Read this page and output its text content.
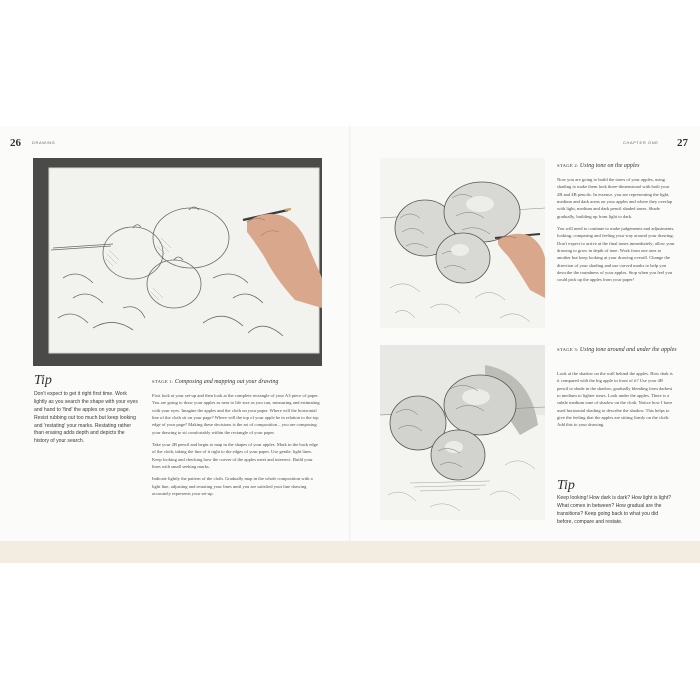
26	DRAWING
Tip

Don't expect to get it right first time. Work lightly as you search the shape with your eyes and hand to 'find' the apples on your page. Resist rubbing out too much but keep looking and 'restating' your marks. Restating rather than erasing adds depth and depicts the history of your search.

STAGE 1: Composing and mapping out your drawing

First look at your set-up and then look at the complete rectangle of your A3 piece of paper. You are going to draw your apples as near to life size as you can, measuring and estimating with your eyes. Imagine the apples and the cloth on your paper. Where will the horizontal line of the cloth sit on your page? Where will the top of your apple be in relation to the top edge of your page? Making these decisions is the art of composition – you are composing your drawing to sit comfortably within the rectangle of your paper.

Take your 2B pencil and begin to map in the shapes of your apples. Mark in the back edge of the cloth, taking the line of it right to the edges of your paper. Use gentle, light lines. Keep looking and checking how the curves of the apples meet and intersect. Build your lines with small seeking marks.

Indicate lightly the pattern of the cloth. Gradually map in the whole composition with a light line, adjusting and restating your lines until you are satisfied your line drawing accurately represents your set-up.

27
CHAPTER ONE
STAGE 2: Using tone on the apples

Now you are going to build the tones of your apples, using shading to make them look three-dimensional with both your 2B and 4B pencils. In essence, you are representing the light, medium and dark areas on your apples and where they overlap with light, medium and dark pencil shaded tones. Shade gradually, building up from light to dark.

You will need to continue to make judgements and adjustments, looking, comparing and feeling your way around your drawing. Don't expect to arrive at the final tones immediately; allow your drawing to grow in depth of tone. Work from one area to another but keep looking at your drawing overall. Change the direction of your shading and use curved marks to help you describe the roundness of your apples. Stop when you feel you could pick up the apples from your paper!

STAGE 3: Using tone around and under the apples

Look at the shadow on the wall behind the apples. How dark is it compared with the big apple in front of it? Use your 4B pencil to shade in the shadow, gradually blending from darkest to medium to lighter tones. Look under the apples. There is a subtle medium tone of shadow on the cloth. Notice how I have used horizontal shading to describe the shadow. This helps to give the feeling that the apples are sitting firmly on the cloth. Add this to your drawing.

Tip

Keep looking! How dark is dark? How light is light? What comes in between? How gradual are the transitions? Keep going back to what you did before, compare and restate.
